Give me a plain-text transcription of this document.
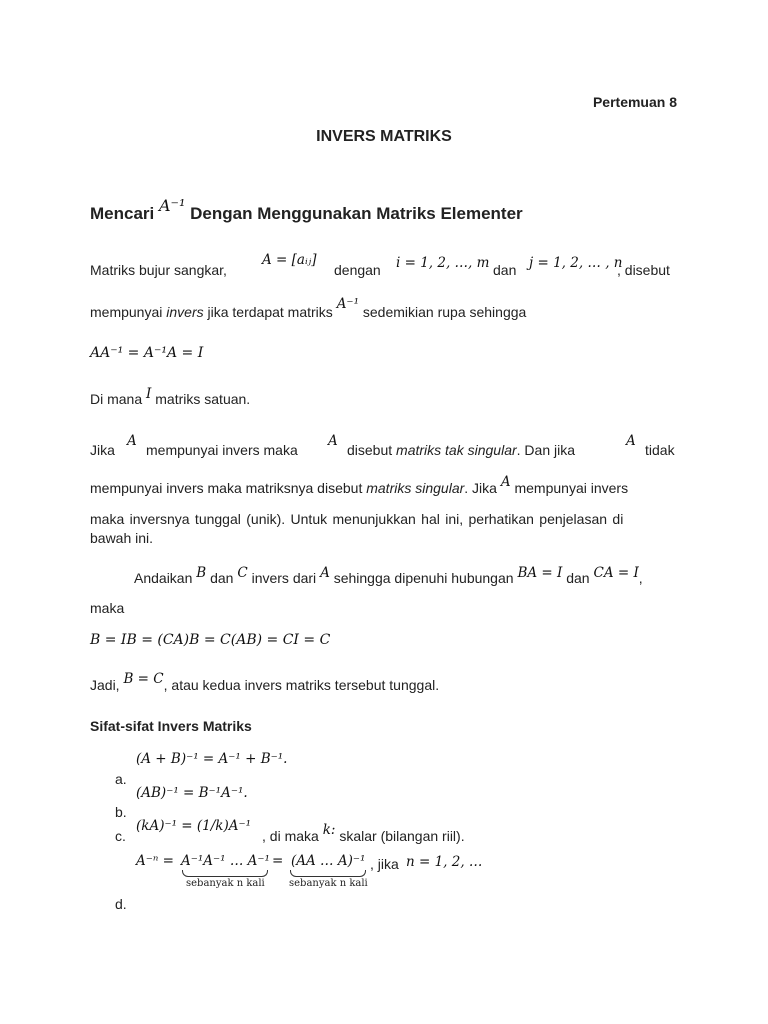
Pertemuan 8
INVERS MATRIKS
Mencari A⁻¹ Dengan Menggunakan Matriks Elementer
Matriks bujur sangkar,
A = [aᵢⱼ]
dengan i = 1, 2, …, m dan j = 1, 2, … , n
, disebut
mempunyai invers jika terdapat matriks A⁻¹ sedemikian rupa sehingga
AA⁻¹ = A⁻¹A = I
Di mana I matriks satuan.
Jika
A
mempunyai invers maka
A
disebut matriks tak singular. Dan jika
A
tidak
mempunyai invers maka matriksnya disebut matriks singular. Jika A mempunyai invers
maka inversnya tunggal (unik). Untuk menunjukkan hal ini, perhatikan penjelasan di
bawah ini.
Andaikan B dan C invers dari A sehingga dipenuhi hubungan BA = I dan CA = I,
maka
B = IB = (CA)B = C(AB) = CI = C
Jadi, B = C, atau kedua invers matriks tersebut tunggal.
Sifat-sifat Invers Matriks
(A + B)⁻¹ = A⁻¹ + B⁻¹.
a.
(AB)⁻¹ = B⁻¹A⁻¹.
b.
c.
(kA)⁻¹ = (1/k)A⁻¹
, di maka k: skalar (bilangan riil).
A⁻ⁿ = A⁻¹A⁻¹ … A⁻¹
sebanyak n kali
= (AA … A)⁻¹
sebanyak n kali
, jika n = 1, 2, …
d.
